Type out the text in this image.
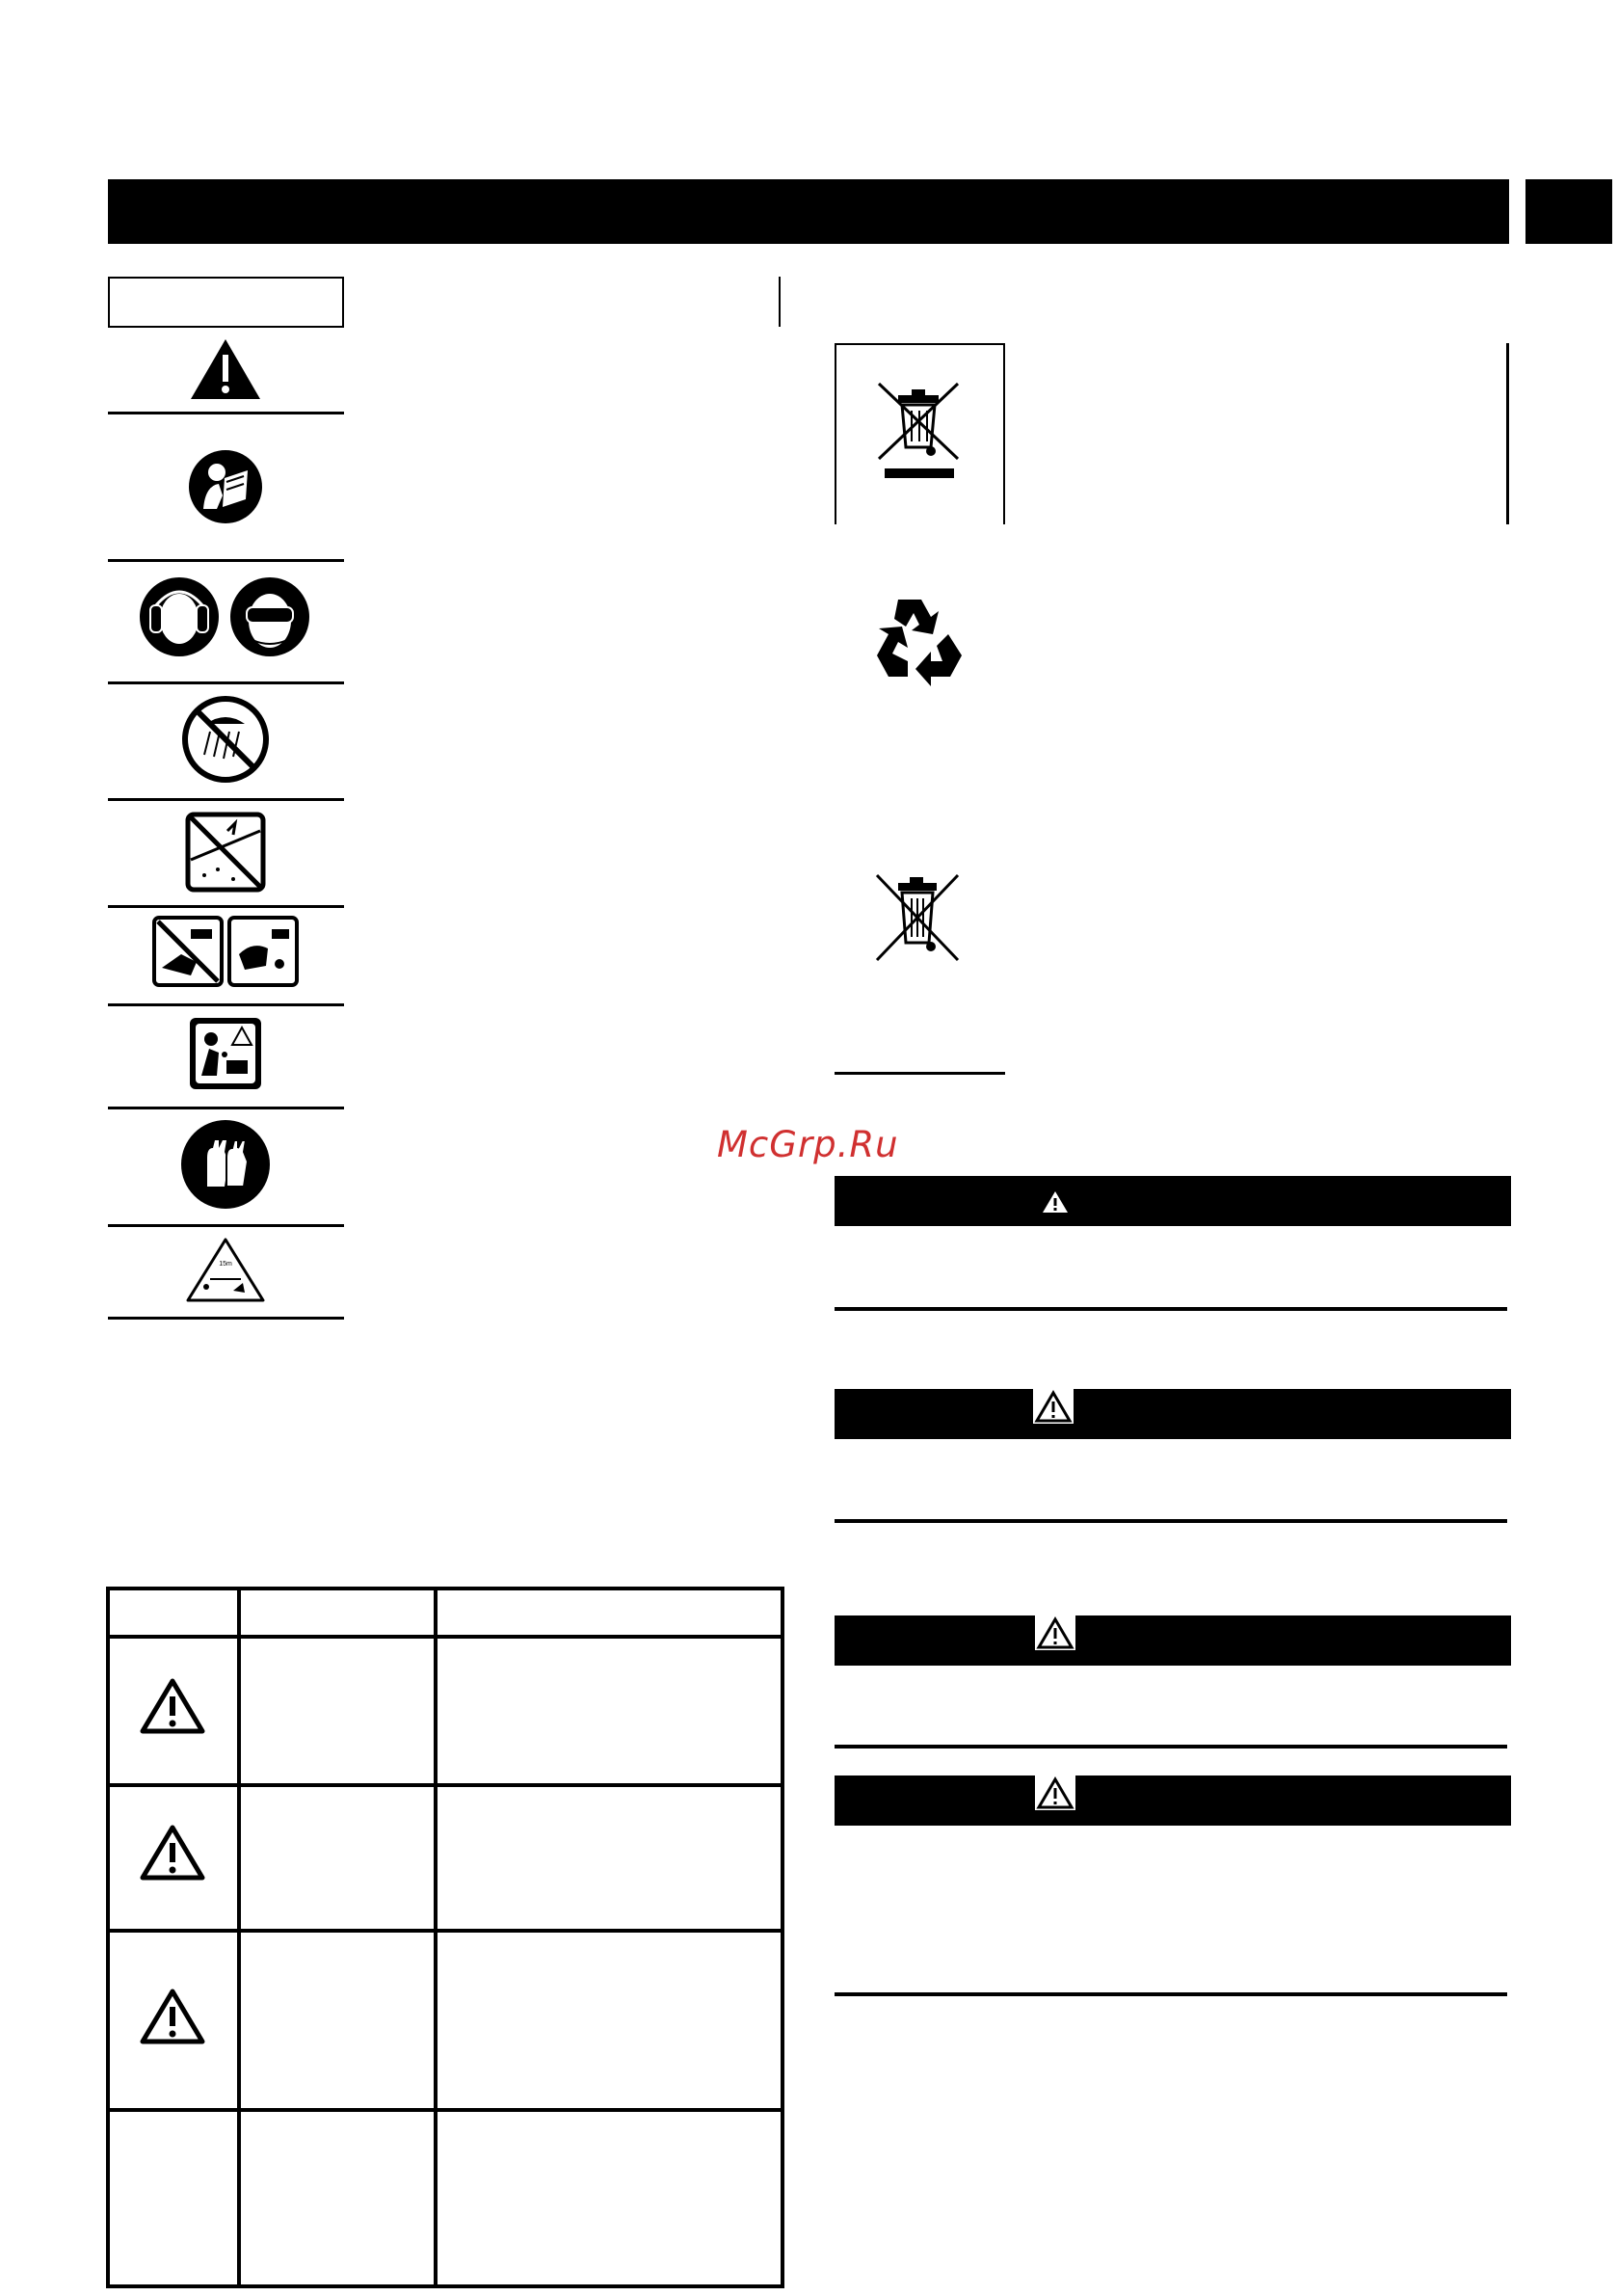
15m
McGrp.Ru
